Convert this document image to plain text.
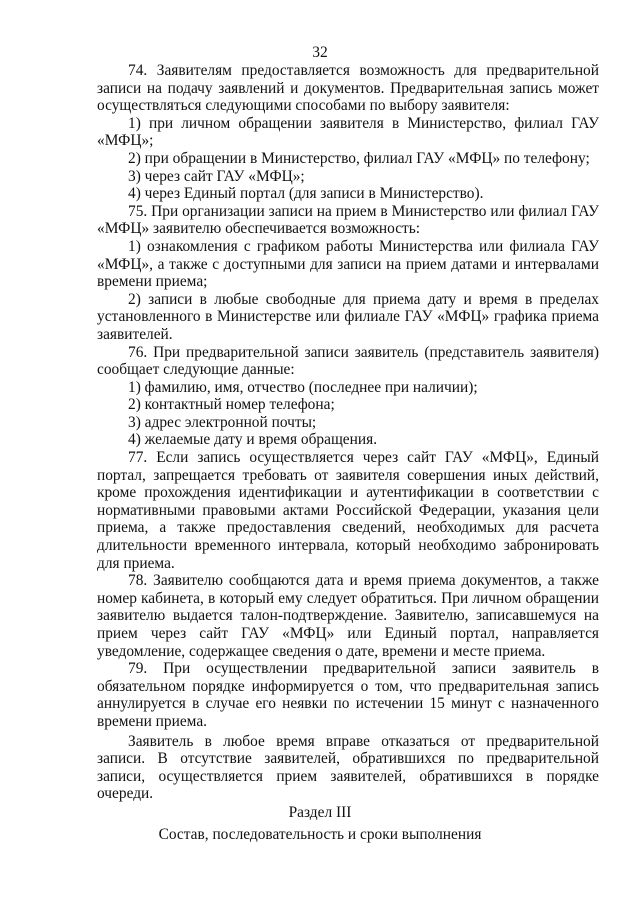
32

74. Заявителям предоставляется возможность для предварительной записи на подачу заявлений и документов. Предварительная запись может осуществляться следующими способами по выбору заявителя:

1) при личном обращении заявителя в Министерство, филиал ГАУ «МФЦ»;

2) при обращении в Министерство, филиал ГАУ «МФЦ» по телефону;

3) через сайт ГАУ «МФЦ»;

4) через Единый портал (для записи в Министерство).

75. При организации записи на прием в Министерство или филиал ГАУ «МФЦ» заявителю обеспечивается возможность:

1) ознакомления с графиком работы Министерства или филиала ГАУ «МФЦ», а также с доступными для записи на прием датами и интервалами времени приема;

2) записи в любые свободные для приема дату и время в пределах установленного в Министерстве или филиале ГАУ «МФЦ» графика приема заявителей.

76. При предварительной записи заявитель (представитель заявителя) сообщает следующие данные:

1) фамилию, имя, отчество (последнее при наличии);

2) контактный номер телефона;

3) адрес электронной почты;

4) желаемые дату и время обращения.

77. Если запись осуществляется через сайт ГАУ «МФЦ», Единый портал, запрещается требовать от заявителя совершения иных действий, кроме прохождения идентификации и аутентификации в соответствии с нормативными правовыми актами Российской Федерации, указания цели приема, а также предоставления сведений, необходимых для расчета длительности временного интервала, который необходимо забронировать для приема.

78. Заявителю сообщаются дата и время приема документов, а также номер кабинета, в который ему следует обратиться. При личном обращении заявителю выдается талон-подтверждение. Заявителю, записавшемуся на прием через сайт ГАУ «МФЦ» или Единый портал, направляется уведомление, содержащее сведения о дате, времени и месте приема.

79. При осуществлении предварительной записи заявитель в обязательном порядке информируется о том, что предварительная запись аннулируется в случае его неявки по истечении 15 минут с назначенного времени приема.

Заявитель в любое время вправе отказаться от предварительной записи. В отсутствие заявителей, обратившихся по предварительной записи, осуществляется прием заявителей, обратившихся в порядке очереди.

Раздел III
Состав, последовательность и сроки выполнения
